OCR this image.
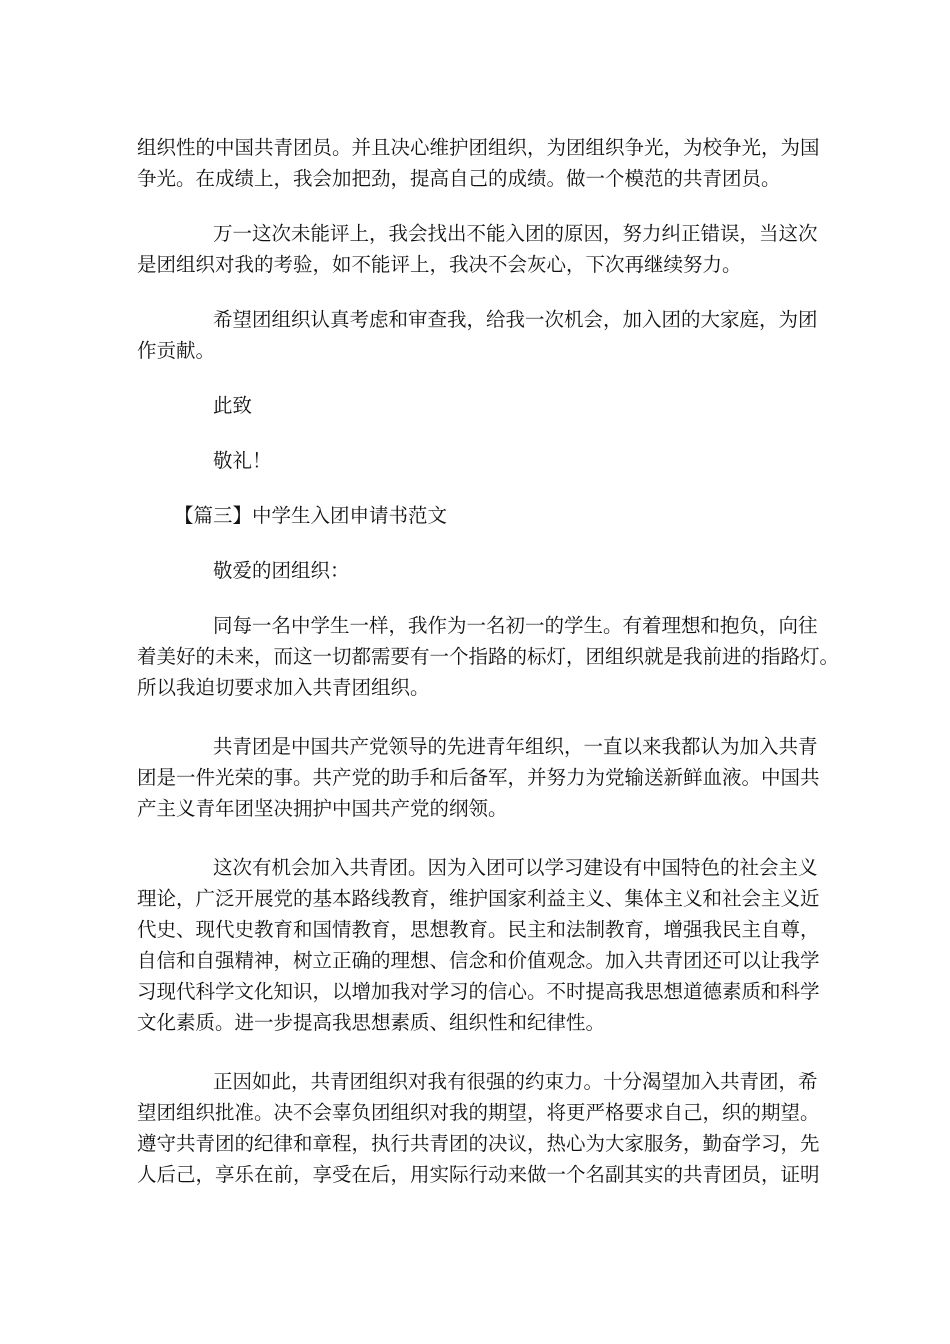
组织性的中国共青团员。并且决心维护团组织，为团组织争光，为校争光，为国
争光。在成绩上，我会加把劲，提高自己的成绩。做一个模范的共青团员。
万一这次未能评上，我会找出不能入团的原因，努力纠正错误，当这次
是团组织对我的考验，如不能评上，我决不会灰心，下次再继续努力。
希望团组织认真考虑和审查我，给我一次机会，加入团的大家庭，为团
作贡献。
此致
敬礼！
【篇三】中学生入团申请书范文
敬爱的团组织：
同每一名中学生一样，我作为一名初一的学生。有着理想和抱负，向往
着美好的未来，而这一切都需要有一个指路的标灯，团组织就是我前进的指路灯。
所以我迫切要求加入共青团组织。
共青团是中国共产党领导的先进青年组织，一直以来我都认为加入共青
团是一件光荣的事。共产党的助手和后备军，并努力为党输送新鲜血液。中国共
产主义青年团坚决拥护中国共产党的纲领。
这次有机会加入共青团。因为入团可以学习建设有中国特色的社会主义
理论，广泛开展党的基本路线教育，维护国家利益主义、集体主义和社会主义近
代史、现代史教育和国情教育，思想教育。民主和法制教育，增强我民主自尊，
自信和自强精神，树立正确的理想、信念和价值观念。加入共青团还可以让我学
习现代科学文化知识，以增加我对学习的信心。不时提高我思想道德素质和科学
文化素质。进一步提高我思想素质、组织性和纪律性。
正因如此，共青团组织对我有很强的约束力。十分渴望加入共青团，希
望团组织批准。决不会辜负团组织对我的期望，将更严格要求自己，织的期望。
遵守共青团的纪律和章程，执行共青团的决议，热心为大家服务，勤奋学习，先
人后己，享乐在前，享受在后，用实际行动来做一个名副其实的共青团员，证明
